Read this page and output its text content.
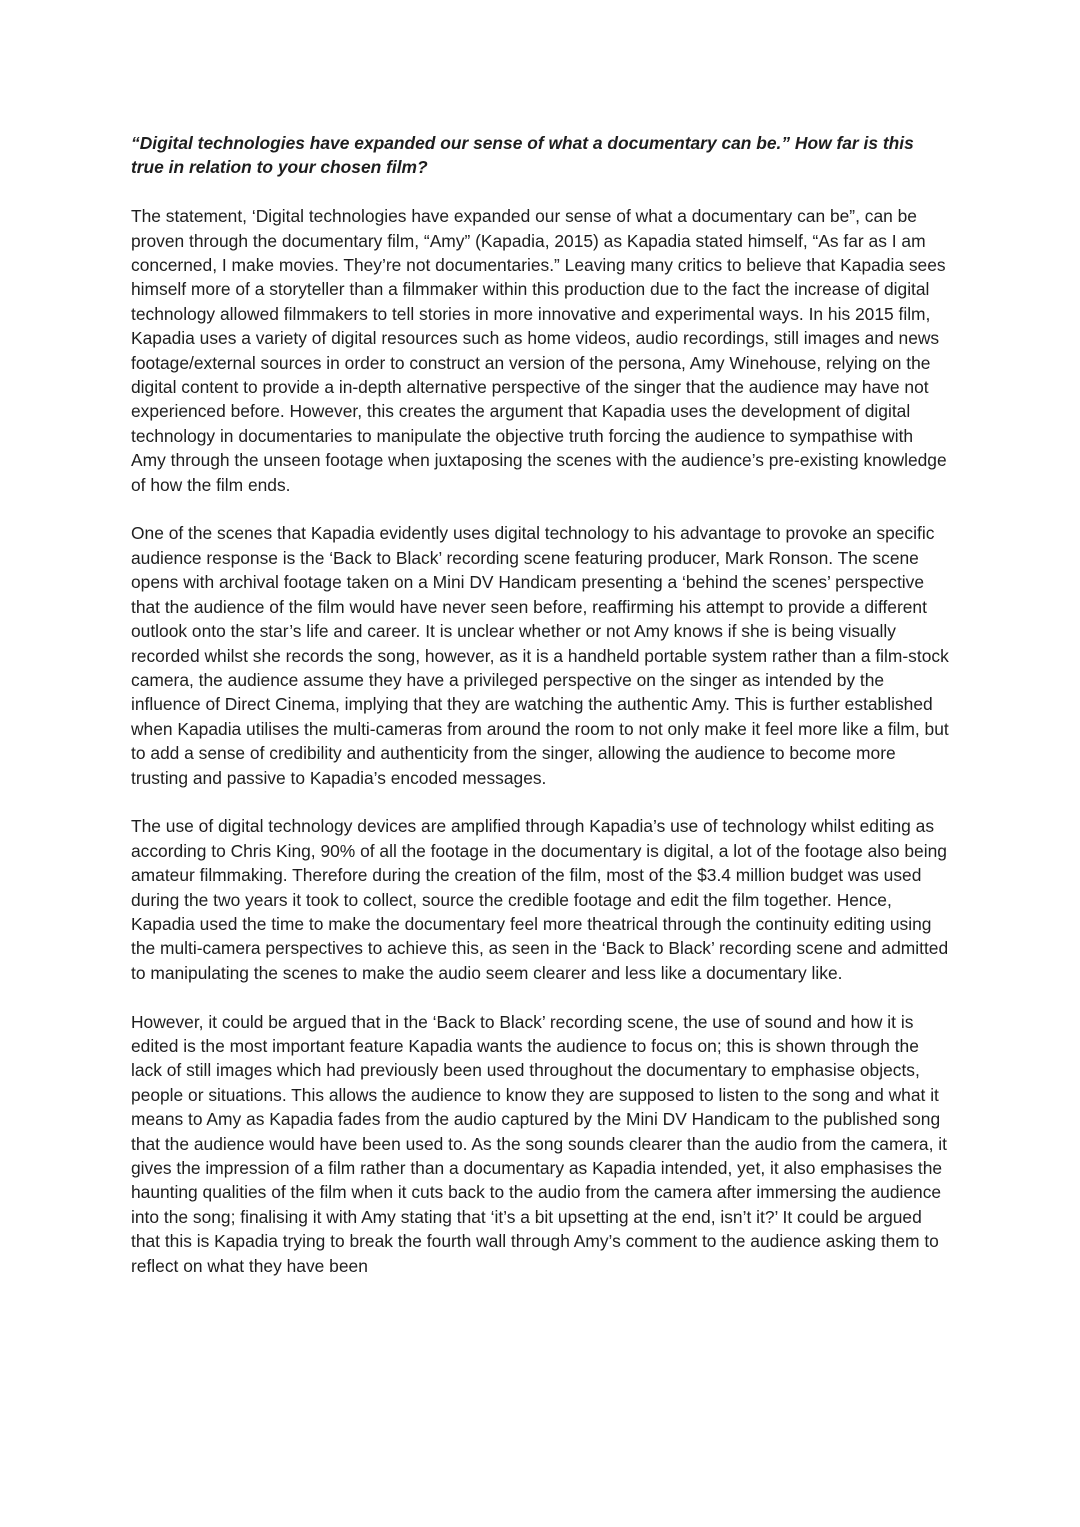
“Digital technologies have expanded our sense of what a documentary can be.” How far is this true in relation to your chosen film?

The statement, ‘Digital technologies have expanded our sense of what a documentary can be”, can be proven through the documentary film, “Amy” (Kapadia, 2015) as Kapadia stated himself, “As far as I am concerned, I make movies. They’re not documentaries.” Leaving many critics to believe that Kapadia sees himself more of a storyteller than a filmmaker within this production due to the fact the increase of digital technology allowed filmmakers to tell stories in more innovative and experimental ways. In his 2015 film, Kapadia uses a variety of digital resources such as home videos, audio recordings, still images and news footage/external sources in order to construct an version of the persona, Amy Winehouse, relying on the digital content to provide a in-depth alternative perspective of the singer that the audience may have not experienced before. However, this creates the argument that Kapadia uses the development of digital technology in documentaries to manipulate the objective truth forcing the audience to sympathise with Amy through the unseen footage when juxtaposing the scenes with the audience’s pre-existing knowledge of how the film ends.

One of the scenes that Kapadia evidently uses digital technology to his advantage to provoke an specific audience response is the ‘Back to Black’ recording scene featuring producer, Mark Ronson. The scene opens with archival footage taken on a Mini DV Handicam presenting a ‘behind the scenes’ perspective that the audience of the film would have never seen before, reaffirming his attempt to provide a different outlook onto the star’s life and career. It is unclear whether or not Amy knows if she is being visually recorded whilst she records the song, however, as it is a handheld portable system rather than a film-stock camera, the audience assume they have a privileged perspective on the singer as intended by the influence of Direct Cinema, implying that they are watching the authentic Amy. This is further established when Kapadia utilises the multi-cameras from around the room to not only make it feel more like a film, but to add a sense of credibility and authenticity from the singer, allowing the audience to become more trusting and passive to Kapadia’s encoded messages.

The use of digital technology devices are amplified through Kapadia’s use of technology whilst editing as according to Chris King, 90% of all the footage in the documentary is digital, a lot of the footage also being amateur filmmaking. Therefore during the creation of the film, most of the $3.4 million budget was used during the two years it took to collect, source the credible footage and edit the film together. Hence, Kapadia used the time to make the documentary feel more theatrical through the continuity editing using the multi-camera perspectives to achieve this, as seen in the ‘Back to Black’ recording scene and admitted to manipulating the scenes to make the audio seem clearer and less like a documentary like.

However, it could be argued that in the ‘Back to Black’ recording scene, the use of sound and how it is edited is the most important feature Kapadia wants the audience to focus on; this is shown through the lack of still images which had previously been used throughout the documentary to emphasise objects, people or situations. This allows the audience to know they are supposed to listen to the song and what it means to Amy as Kapadia fades from the audio captured by the Mini DV Handicam to the published song that the audience would have been used to. As the song sounds clearer than the audio from the camera, it gives the impression of a film rather than a documentary as Kapadia intended, yet, it also emphasises the haunting qualities of the film when it cuts back to the audio from the camera after immersing the audience into the song; finalising it with Amy stating that ‘it’s a bit upsetting at the end, isn’t it?’ It could be argued that this is Kapadia trying to break the fourth wall through Amy’s comment to the audience asking them to reflect on what they have been
